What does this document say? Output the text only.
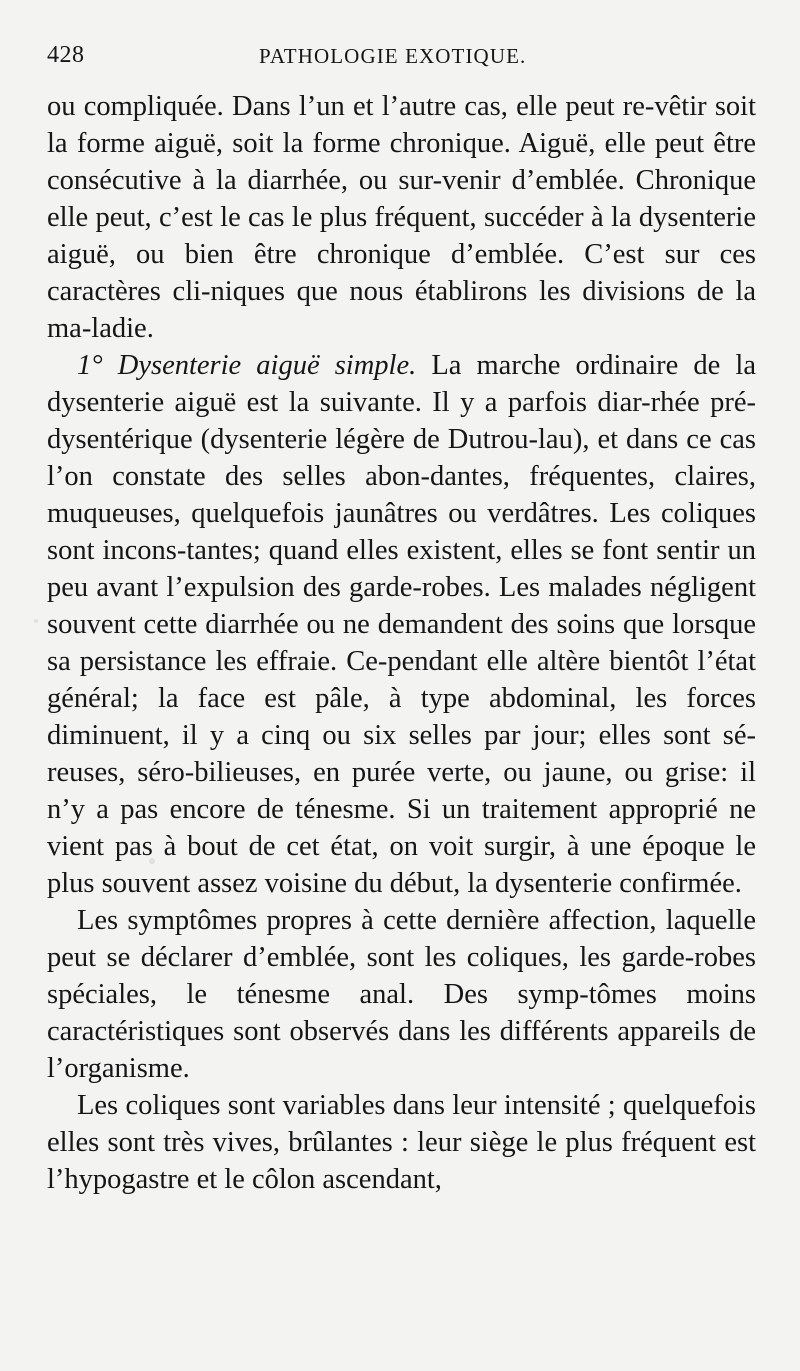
428	PATHOLOGIE EXOTIQUE.

ou compliquée. Dans l’un et l’autre cas, elle peut re-vêtir soit la forme aiguë, soit la forme chronique. Aiguë, elle peut être consécutive à la diarrhée, ou sur-venir d’emblée. Chronique elle peut, c’est le cas le plus fréquent, succéder à la dysenterie aiguë, ou bien être chronique d’emblée. C’est sur ces caractères cli-niques que nous établirons les divisions de la ma-ladie.

1° Dysenterie aiguë simple. La marche ordinaire de la dysenterie aiguë est la suivante. Il y a parfois diar-rhée pré-dysentérique (dysenterie légère de Dutrou-lau), et dans ce cas l’on constate des selles abon-dantes, fréquentes, claires, muqueuses, quelquefois jaunâtres ou verdâtres. Les coliques sont incons-tantes; quand elles existent, elles se font sentir un peu avant l’expulsion des garde-robes. Les malades négligent souvent cette diarrhée ou ne demandent des soins que lorsque sa persistance les effraie. Ce-pendant elle altère bientôt l’état général; la face est pâle, à type abdominal, les forces diminuent, il y a cinq ou six selles par jour; elles sont sé-reuses, séro-bilieuses, en purée verte, ou jaune, ou grise: il n’y a pas encore de ténesme. Si un traitement approprié ne vient pas à bout de cet état, on voit surgir, à une époque le plus souvent assez voisine du début, la dysenterie confirmée.

Les symptômes propres à cette dernière affection, laquelle peut se déclarer d’emblée, sont les coliques, les garde-robes spéciales, le ténesme anal. Des symp-tômes moins caractéristiques sont observés dans les différents appareils de l’organisme.

Les coliques sont variables dans leur intensité ; quelquefois elles sont très vives, brûlantes : leur siège le plus fréquent est l’hypogastre et le côlon ascendant,
